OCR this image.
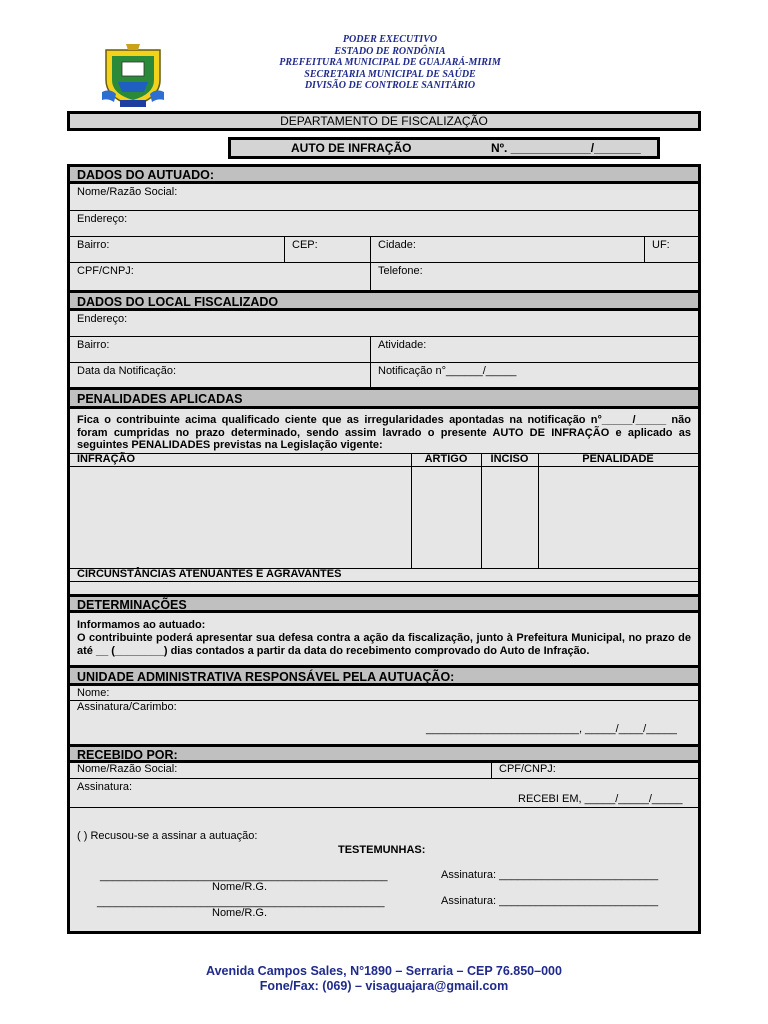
PODER EXECUTIVO
ESTADO DE RONDÔNIA
PREFEITURA MUNICIPAL DE GUAJARÁ-MIRIM
SECRETARIA MUNICIPAL DE SAÚDE
DIVISÃO DE CONTROLE SANITÁRIO
DEPARTAMENTO DE FISCALIZAÇÃO
AUTO DE INFRAÇÃO	Nº. ____________/_______
DADOS DO AUTUADO:
Nome/Razão Social:
Endereço:
Bairro:	CEP:	Cidade:	UF:
CPF/CNPJ:	Telefone:
DADOS DO LOCAL FISCALIZADO
Endereço:
Bairro:	Atividade:
Data da Notificação:	Notificação n°______/_____
PENALIDADES APLICADAS
Fica o contribuinte acima qualificado ciente que as irregularidades apontadas na notificação n°_____/_____ não foram cumpridas no prazo determinado, sendo assim lavrado o presente AUTO DE INFRAÇÃO e aplicado as seguintes PENALIDADES previstas na Legislação vigente:
INFRAÇÃO	ARTIGO	INCISO	PENALIDADE
CIRCUNSTÂNCIAS ATENUANTES E AGRAVANTES
DETERMINAÇÕES
Informamos ao autuado:
O contribuinte poderá apresentar sua defesa contra a ação da fiscalização, junto à Prefeitura Municipal, no prazo de até __ (________) dias contados a partir da data do recebimento comprovado do Auto de Infração.
UNIDADE ADMINISTRATIVA RESPONSÁVEL PELA AUTUAÇÃO:
Nome:
Assinatura/Carimbo:
_________________________, _____/____/_____
RECEBIDO POR:
Nome/Razão Social:	CPF/CNPJ:
Assinatura:
RECEBI EM, _____/_____/_____
( ) Recusou-se a assinar a autuação:
TESTEMUNHAS:
_______________________________________________
Nome/R.G.
Assinatura: __________________________
_______________________________________________
Nome/R.G.
Assinatura: __________________________
Avenida Campos Sales, N°1890 – Serraria – CEP 76.850–000
Fone/Fax: (069) – visaguajara@gmail.com
